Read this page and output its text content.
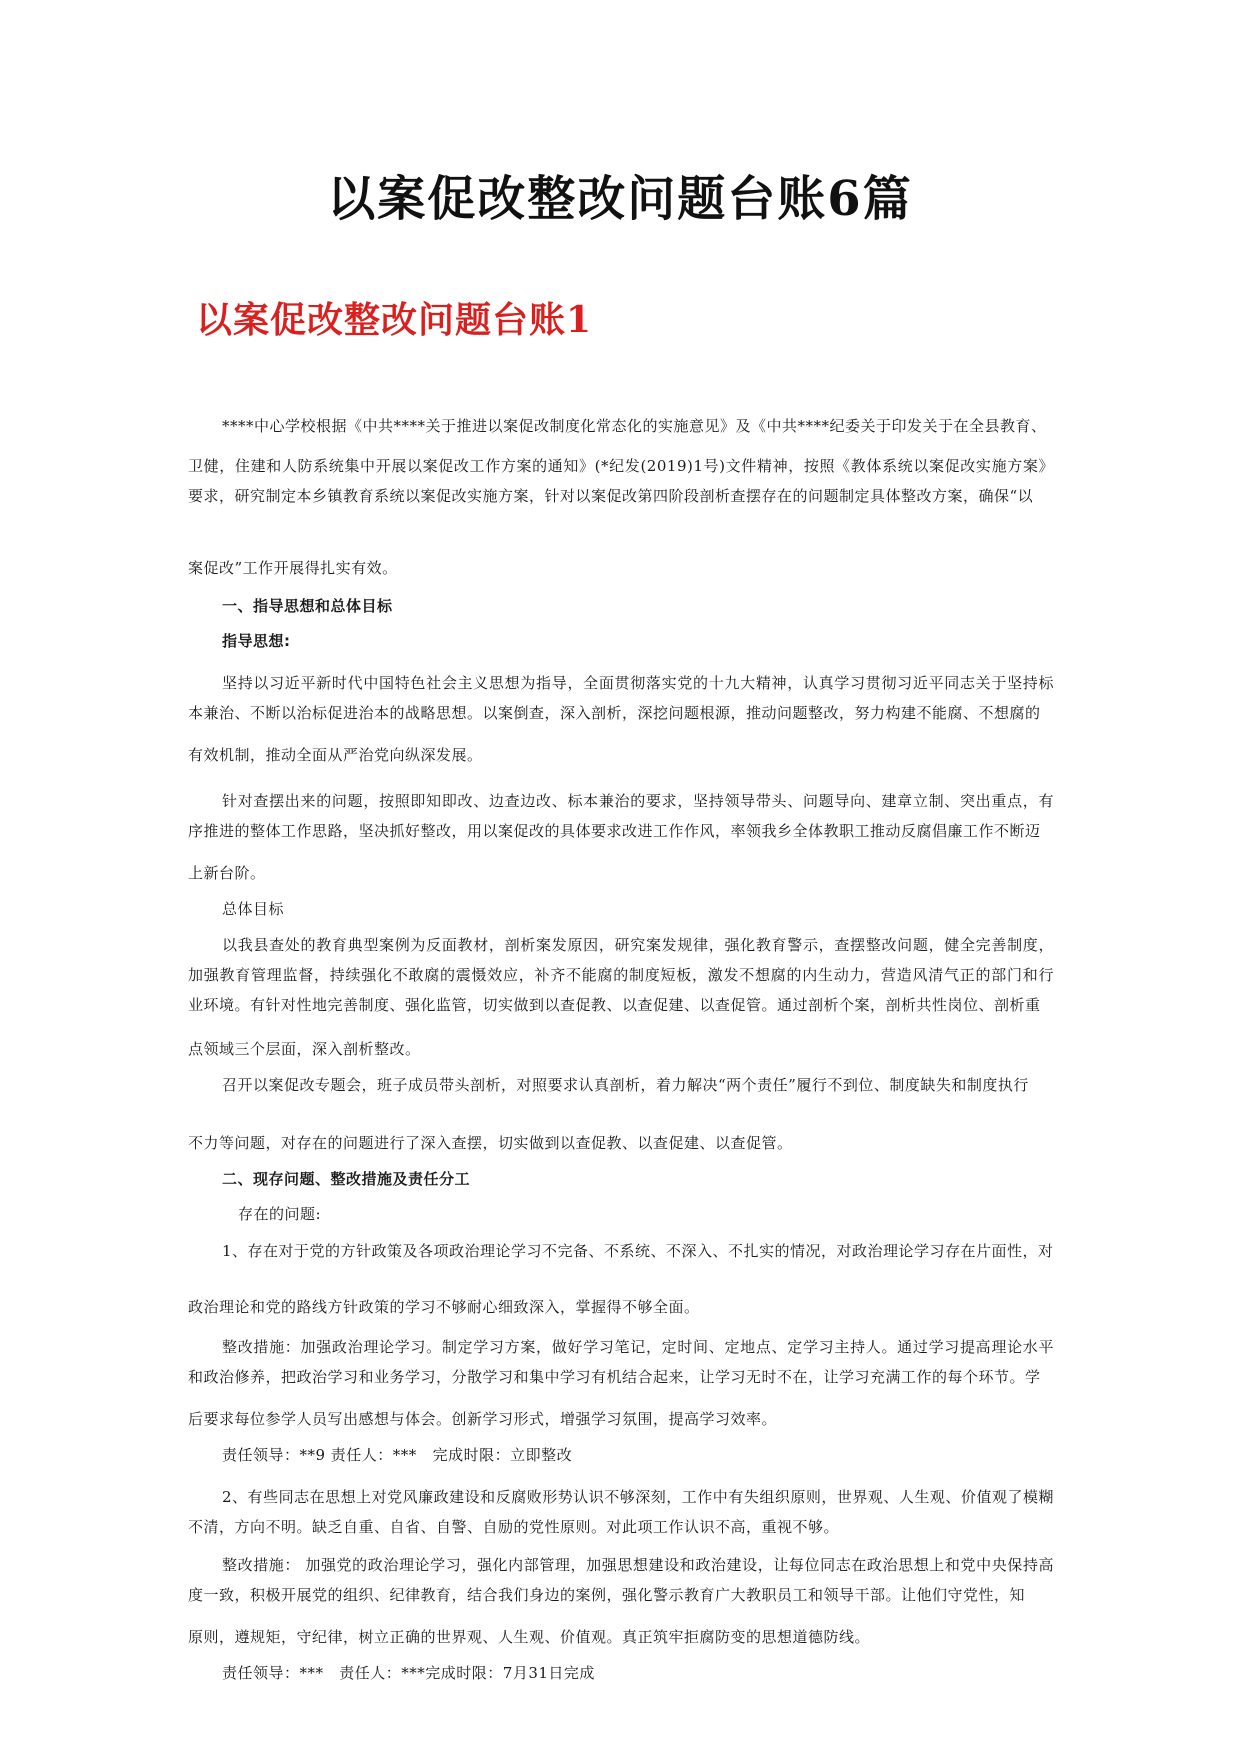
以案促改整改问题台账6篇
以案促改整改问题台账1
****中心学校根据《中共****关于推进以案促改制度化常态化的实施意见》及《中共****纪委关于印发关于在全县教育、
卫健，住建和人防系统集中开展以案促改工作方案的通知》(*纪发(2019)1号)文件精神，按照《教体系统以案促改实施方案》 要求，研究制定本乡镇教育系统以案促改实施方案，针对以案促改第四阶段剖析查摆存在的问题制定具体整改方案，确保“以
案促改”工作开展得扎实有效。
一、指导思想和总体目标
指导思想:
坚持以习近平新时代中国特色社会主义思想为指导，全面贯彻落实党的十九大精神，认真学习贯彻习近平同志关于坚持标本兼治、不断以治标促进治本的战略思想。以案倒查，深入剖析，深挖问题根源，推动问题整改，努力构建不能腐、不想腐的
有效机制，推动全面从严治党向纵深发展。
针对查摆出来的问题，按照即知即改、边查边改、标本兼治的要求，坚持领导带头、问题导向、建章立制、突出重点，有序推进的整体工作思路，坚决抓好整改，用以案促改的具体要求改进工作作风，率领我乡全体教职工推动反腐倡廉工作不断迈
上新台阶。
总体目标
以我县查处的教育典型案例为反面教材，剖析案发原因，研究案发规律，强化教育警示，查摆整改问题，健全完善制度，加强教育管理监督，持续强化不敢腐的震慑效应，补齐不能腐的制度短板，激发不想腐的内生动力，营造风清气正的部门和行业环境。有针对性地完善制度、强化监管，切实做到以查促教、以查促建、以查促管。通过剖析个案，剖析共性岗位、剖析重
点领域三个层面，深入剖析整改。
召开以案促改专题会，班子成员带头剖析，对照要求认真剖析，着力解决“两个责任”履行不到位、制度缺失和制度执行
不力等问题，对存在的问题进行了深入查摆，切实做到以查促教、以查促建、以查促管。
二、现存问题、整改措施及责任分工
存在的问题:
1、存在对于党的方针政策及各项政治理论学习不完备、不系统、不深入、不扎实的情况，对政治理论学习存在片面性，对
政治理论和党的路线方针政策的学习不够耐心细致深入，掌握得不够全面。
整改措施：加强政治理论学习。制定学习方案，做好学习笔记，定时间、定地点、定学习主持人。通过学习提高理论水平和政治修养，把政治学习和业务学习，分散学习和集中学习有机结合起来，让学习无时不在，让学习充满工作的每个环节。学
后要求每位参学人员写出感想与体会。创新学习形式，增强学习氛围，提高学习效率。
责任领导：**9 责任人：***   完成时限：立即整改
2、有些同志在思想上对党风廉政建设和反腐败形势认识不够深刻，工作中有失组织原则，世界观、人生观、价值观了模糊不清，方向不明。缺乏自重、自省、自警、自励的党性原则。对此项工作认识不高，重视不够。
整改措施： 加强党的政治理论学习，强化内部管理，加强思想建设和政治建设，让每位同志在政治思想上和党中央保持高度一致，积极开展党的组织、纪律教育，结合我们身边的案例，强化警示教育广大教职员工和领导干部。让他们守党性，知
原则，遵规矩，守纪律，树立正确的世界观、人生观、价值观。真正筑牢拒腐防变的思想道德防线。
责任领导：***   责任人：***完成时限：7月31日完成
